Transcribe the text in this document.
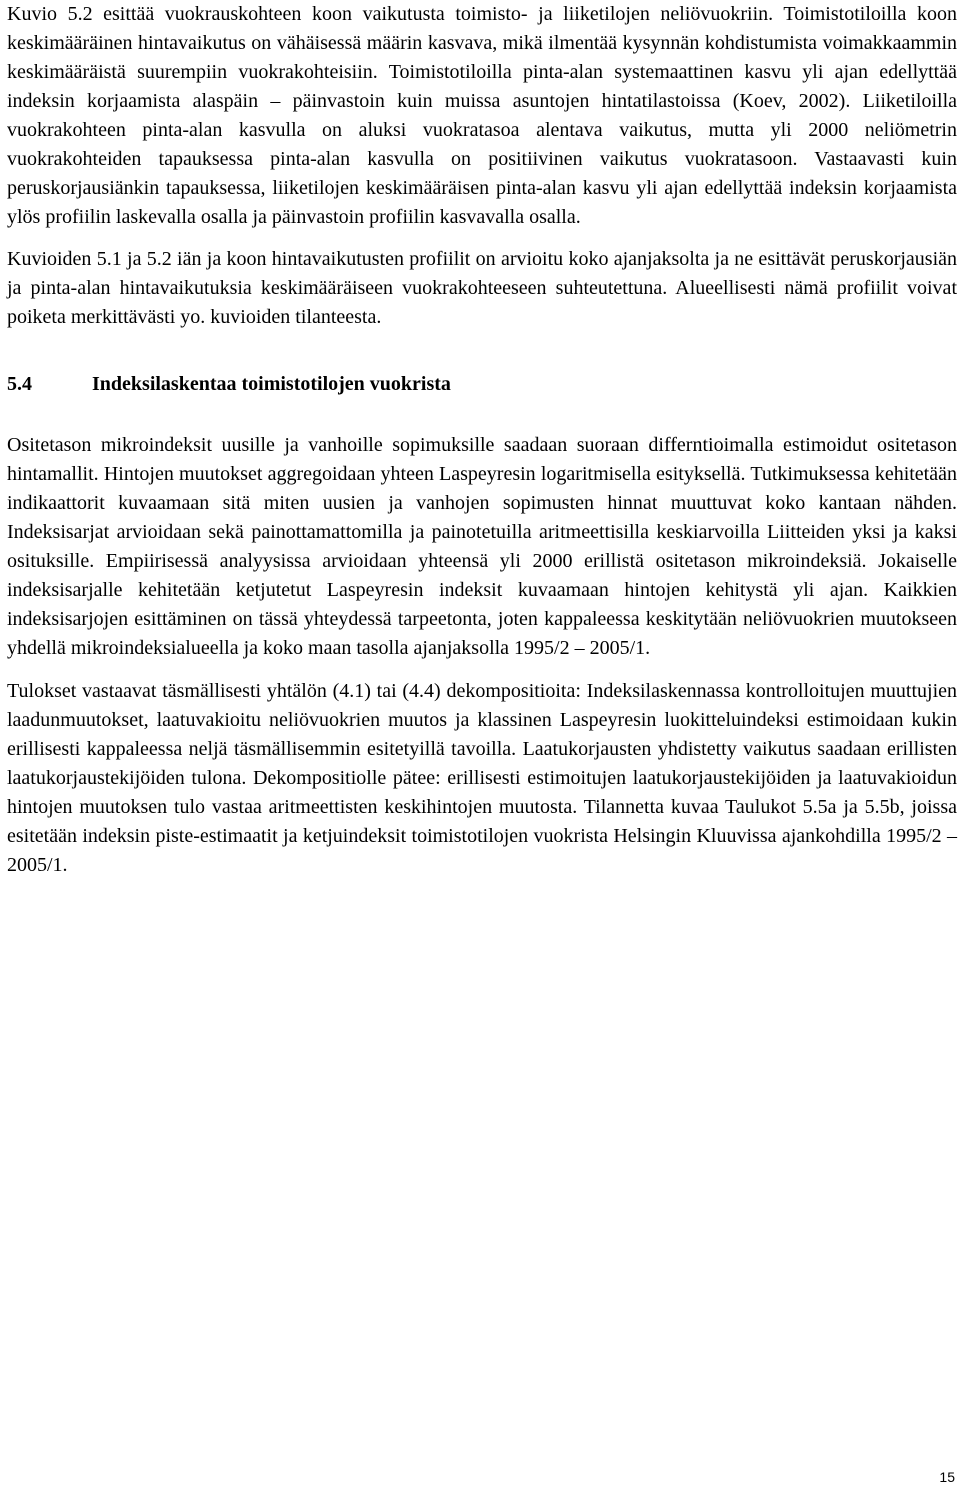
Kuvio 5.2 esittää vuokrauskohteen koon vaikutusta toimisto- ja liiketilojen neliövuokriin. Toimistotiloilla koon keskimääräinen hintavaikutus on vähäisessä määrin kasvava, mikä ilmentää kysynnän kohdistumista voimakkaammin keskimääräistä suurempiin vuokrakohteisiin. Toimistotiloilla pinta-alan systemaattinen kasvu yli ajan edellyttää indeksin korjaamista alaspäin – päinvastoin kuin muissa asuntojen hintatilastoissa (Koev, 2002). Liiketiloilla vuokrakohteen pinta-alan kasvulla on aluksi vuokratasoa alentava vaikutus, mutta yli 2000 neliömetrin vuokrakohteiden tapauksessa pinta-alan kasvulla on positiivinen vaikutus vuokratasoon. Vastaavasti kuin peruskorjausiänkin tapauksessa, liiketilojen keskimääräisen pinta-alan kasvu yli ajan edellyttää indeksin korjaamista ylös profiilin laskevalla osalla ja päinvastoin profiilin kasvavalla osalla.

Kuvioiden 5.1 ja 5.2 iän ja koon hintavaikutusten profiilit on arvioitu koko ajanjaksolta ja ne esittävät peruskorjausiän ja pinta-alan hintavaikutuksia keskimääräiseen vuokrakohteeseen suhteutettuna. Alueellisesti nämä profiilit voivat poiketa merkittävästi yo. kuvioiden tilanteesta.

5.4	Indeksilaskentaa toimistotilojen vuokrista

Ositetason mikroindeksit uusille ja vanhoille sopimuksille saadaan suoraan differntioimalla estimoidut ositetason hintamallit. Hintojen muutokset aggregoidaan yhteen Laspeyresin logaritmisella esityksellä. Tutkimuksessa kehitetään indikaattorit kuvaamaan sitä miten uusien ja vanhojen sopimusten hinnat muuttuvat koko kantaan nähden. Indeksisarjat arvioidaan sekä painottamattomilla ja painotetuilla aritmeettisilla keskiarvoilla Liitteiden yksi ja kaksi osituksille. Empiirisessä analyysissa arvioidaan yhteensä yli 2000 erillistä ositetason mikroindeksiä. Jokaiselle indeksisarjalle kehitetään ketjutetut Laspeyresin indeksit kuvaamaan hintojen kehitystä yli ajan. Kaikkien indeksisarjojen esittäminen on tässä yhteydessä tarpeetonta, joten kappaleessa keskitytään neliövuokrien muutokseen yhdellä mikroindeksialueella ja koko maan tasolla ajanjaksolla 1995/2 – 2005/1.

Tulokset vastaavat täsmällisesti yhtälön (4.1) tai (4.4) dekompositioita: Indeksilaskennassa kontrolloitujen muuttujien laadunmuutokset, laatuvakioitu neliövuokrien muutos ja klassinen Laspeyresin luokitteluindeksi estimoidaan kukin erillisesti kappaleessa neljä täsmällisemmin esitetyillä tavoilla. Laatukorjausten yhdistetty vaikutus saadaan erillisten laatukorjaustekijöiden tulona. Dekompositiolle pätee: erillisesti estimoitujen laatukorjaustekijöiden ja laatuvakioidun hintojen muutoksen tulo vastaa aritmeettisten keskihintojen muutosta. Tilannetta kuvaa Taulukot 5.5a ja 5.5b, joissa esitetään indeksin piste-estimaatit ja ketjuindeksit toimistotilojen vuokrista Helsingin Kluuvissa ajankohdilla 1995/2 – 2005/1.

15
